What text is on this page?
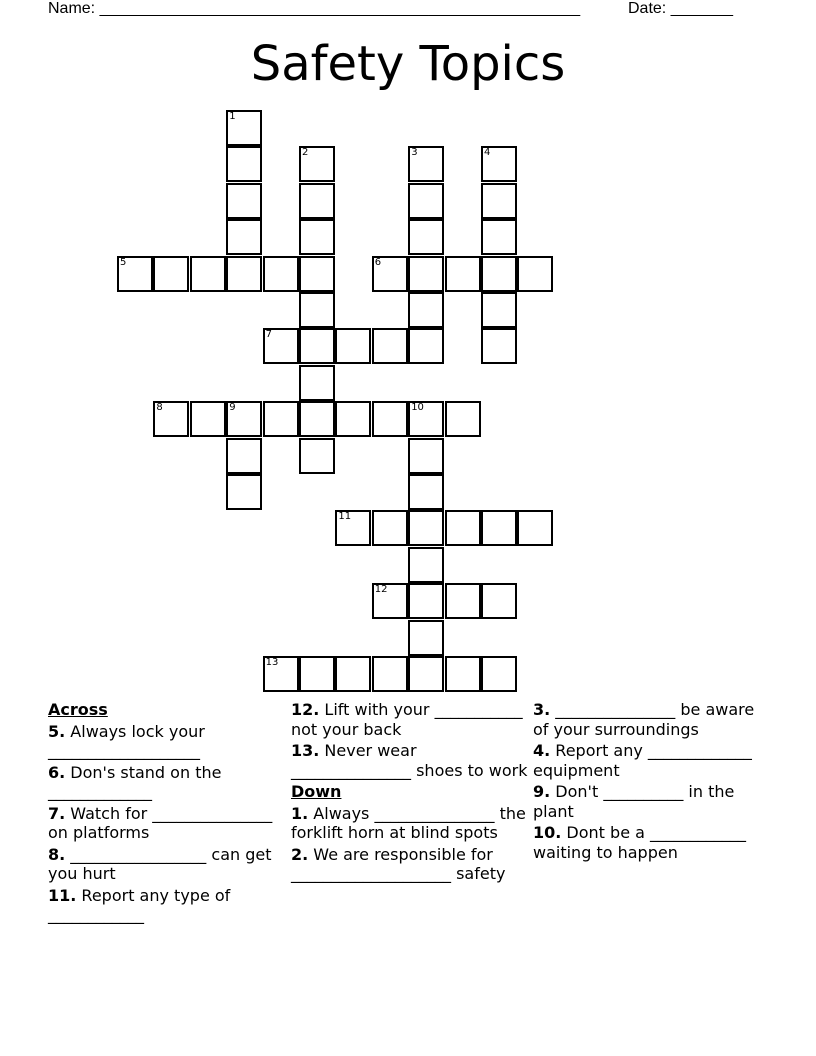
Name: ______________________________________________________	Date: _______
Safety Topics
1
2	3	4
5	6
7
8	9	10
11
12
13
Across
5. Always lock your ___________________
6. Don's stand on the _____________
7. Watch for _______________ on platforms
8. _________________ can get you hurt
11. Report any type of ____________
12. Lift with your ___________ not your back
13. Never wear _______________ shoes to work
Down
1. Always _______________ the forklift horn at blind spots
2. We are responsible for ____________________ safety
3. _______________ be aware of your surroundings
4. Report any _____________ equipment
9. Don't __________ in the plant
10. Dont be a ____________ waiting to happen
